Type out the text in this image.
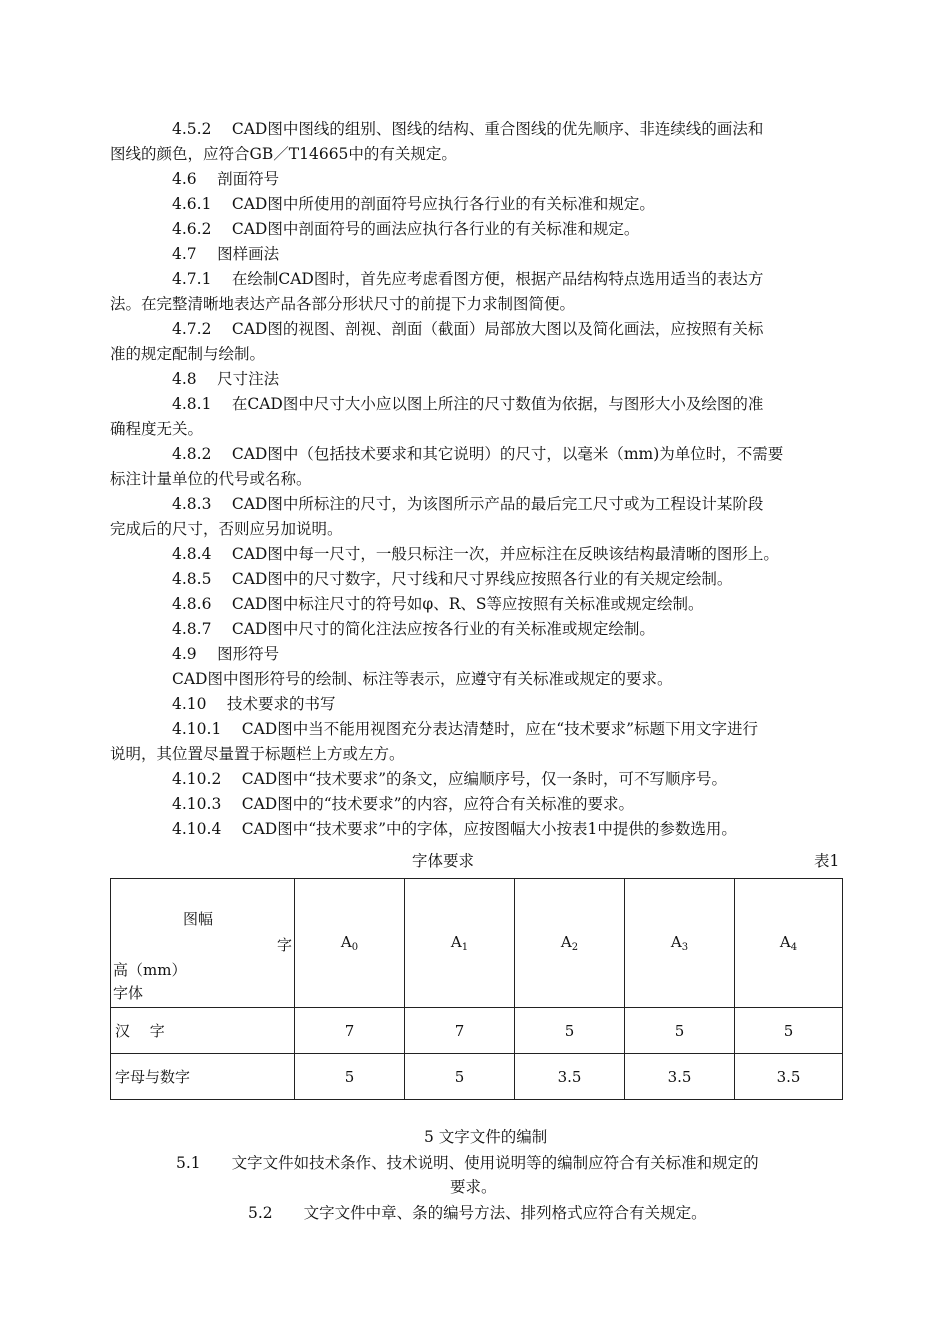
4.5.2　 CAD图中图线的组别、图线的结构、重合图线的优先顺序、非连续线的画法和
图线的颜色，应符合GB／T14665中的有关规定。
4.6　 剖面符号
4.6.1　 CAD图中所使用的剖面符号应执行各行业的有关标准和规定。
4.6.2　 CAD图中剖面符号的画法应执行各行业的有关标准和规定。
4.7　 图样画法
4.7.1　 在绘制CAD图时，首先应考虑看图方便，根据产品结构特点选用适当的表达方
法。在完整清晰地表达产品各部分形状尺寸的前提下力求制图简便。
4.7.2　 CAD图的视图、剖视、剖面（截面）局部放大图以及简化画法，应按照有关标
准的规定配制与绘制。
4.8　 尺寸注法
4.8.1　 在CAD图中尺寸大小应以图上所注的尺寸数值为依据，与图形大小及绘图的准
确程度无关。
4.8.2　 CAD图中（包括技术要求和其它说明）的尺寸，以毫米（mm)为单位时，不需要
标注计量单位的代号或名称。
4.8.3　 CAD图中所标注的尺寸，为该图所示产品的最后完工尺寸或为工程设计某阶段
完成后的尺寸，否则应另加说明。
4.8.4　 CAD图中每一尺寸，一般只标注一次，并应标注在反映该结构最清晰的图形上。
4.8.5　 CAD图中的尺寸数字，尺寸线和尺寸界线应按照各行业的有关规定绘制。
4.8.6　 CAD图中标注尺寸的符号如φ、R、S等应按照有关标准或规定绘制。
4.8.7　 CAD图中尺寸的简化注法应按各行业的有关标准或规定绘制。
4.9　 图形符号
CAD图中图形符号的绘制、标注等表示，应遵守有关标准或规定的要求。
4.10　 技术要求的书写
4.10.1　 CAD图中当不能用视图充分表达清楚时，应在“技术要求”标题下用文字进行
说明，其位置尽量置于标题栏上方或左方。
4.10.2　 CAD图中“技术要求”的条文，应编顺序号，仅一条时，可不写顺序号。
4.10.3　 CAD图中的“技术要求”的内容，应符合有关标准的要求。
4.10.4　 CAD图中“技术要求”中的字体，应按图幅大小按表1中提供的参数选用。
字体要求	表1
图幅
字
高（mm）
字体	$A_0$	$A_1$	$A_2$	$A_3$	$A_4$
汉　 字	7	7	5	5	5
字母与数字	5	5	3.5	3.5	3.5
5 文字文件的编制
5.1　　文字文件如技术条作、技术说明、使用说明等的编制应符合有关标准和规定的
要求。
5.2　　文字文件中章、条的编号方法、排列格式应符合有关规定。
